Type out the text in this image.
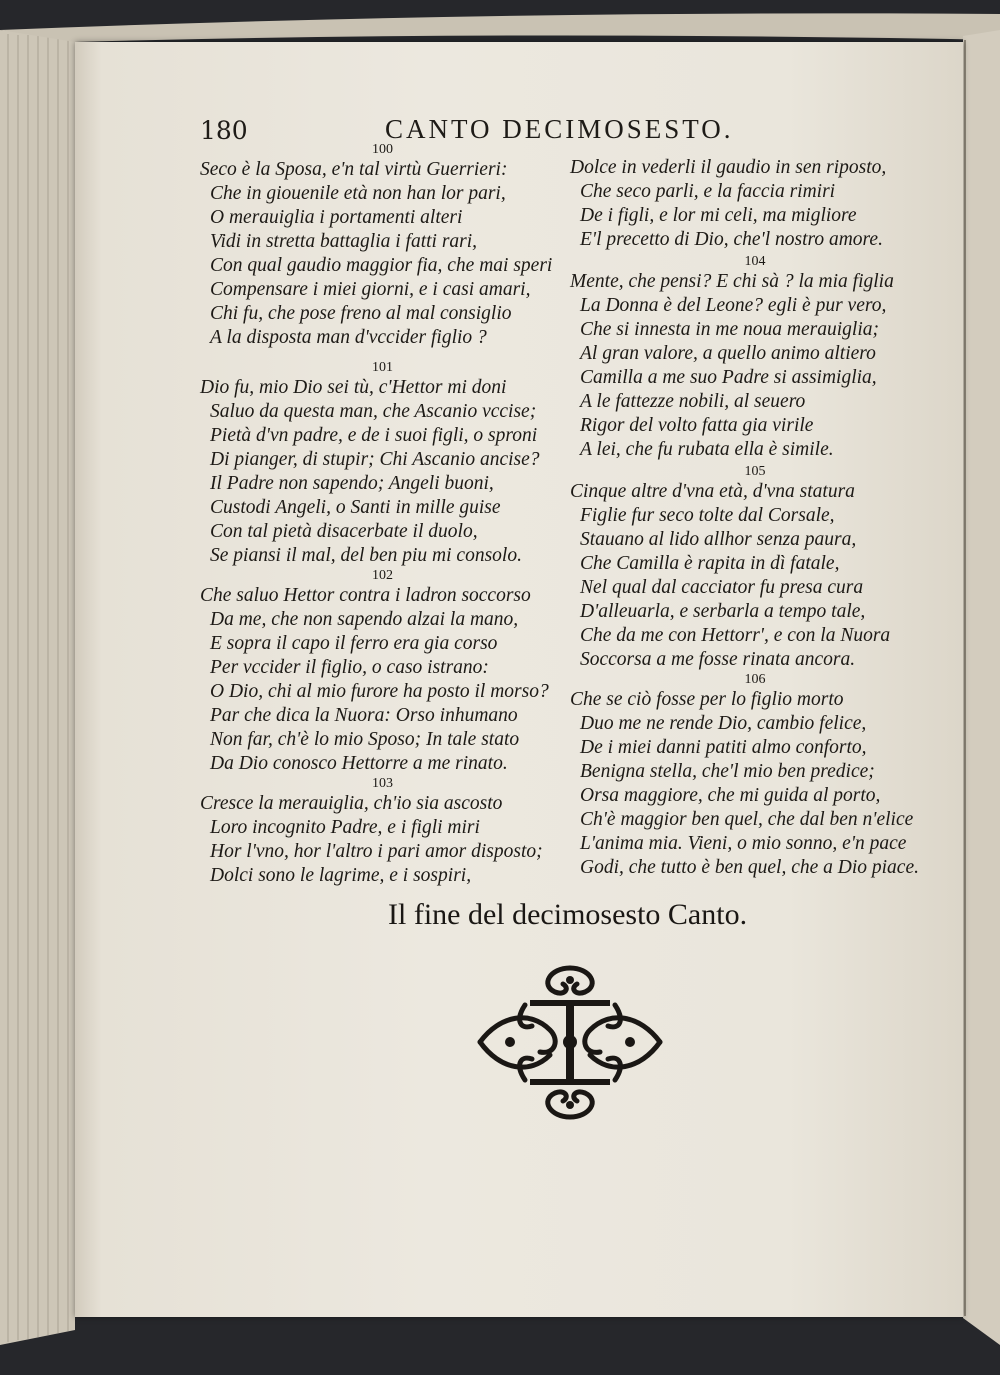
180	CANTO DECIMOSESTO.
100
Seco è la Sposa, e'n tal virtù Guerrieri:
Che in giouenile età non han lor pari,
O merauiglia i portamenti alteri
Vidi in stretta battaglia i fatti rari,
Con qual gaudio maggior fia, che mai speri
Compensare i miei giorni, e i casi amari,
Chi fu, che pose freno al mal consiglio
A la disposta man d'vccider figlio ?
101
Dio fu, mio Dio sei tù, c'Hettor mi doni
Saluo da questa man, che Ascanio vccise;
Pietà d'vn padre, e de i suoi figli, o sproni
Di pianger, di stupir; Chi Ascanio ancise?
Il Padre non sapendo; Angeli buoni,
Custodi Angeli, o Santi in mille guise
Con tal pietà disacerbate il duolo,
Se piansi il mal, del ben piu mi consolo.
102
Che saluo Hettor contra i ladron soccorso
Da me, che non sapendo alzai la mano,
E sopra il capo il ferro era gia corso
Per vccider il figlio, o caso istrano:
O Dio, chi al mio furore ha posto il morso?
Par che dica la Nuora: Orso inhumano
Non far, ch'è lo mio Sposo; In tale stato
Da Dio conosco Hettorre a me rinato.
103
Cresce la merauiglia, ch'io sia ascosto
Loro incognito Padre, e i figli miri
Hor l'vno, hor l'altro i pari amor disposto;
Dolci sono le lagrime, e i sospiri,
Dolce in vederli il gaudio in sen riposto,
Che seco parli, e la faccia rimiri
De i figli, e lor mi celi, ma migliore
E'l precetto di Dio, che'l nostro amore.
104
Mente, che pensi? E chi sà ? la mia figlia
La Donna è del Leone? egli è pur vero,
Che si innesta in me noua merauiglia;
Al gran valore, a quello animo altiero
Camilla a me suo Padre si assimiglia,
A le fattezze nobili, al seuero
Rigor del volto fatta gia virile
A lei, che fu rubata ella è simile.
105
Cinque altre d'vna età, d'vna statura
Figlie fur seco tolte dal Corsale,
Stauano al lido allhor senza paura,
Che Camilla è rapita in dì fatale,
Nel qual dal cacciator fu presa cura
D'alleuarla, e serbarla a tempo tale,
Che da me con Hettorr', e con la Nuora
Soccorsa a me fosse rinata ancora.
106
Che se ciò fosse per lo figlio morto
Duo me ne rende Dio, cambio felice,
De i miei danni patiti almo conforto,
Benigna stella, che'l mio ben predice;
Orsa maggiore, che mi guida al porto,
Ch'è maggior ben quel, che dal ben n'elice
L'anima mia. Vieni, o mio sonno, e'n pace
Godi, che tutto è ben quel, che a Dio piace.
Il fine del decimosesto Canto.
